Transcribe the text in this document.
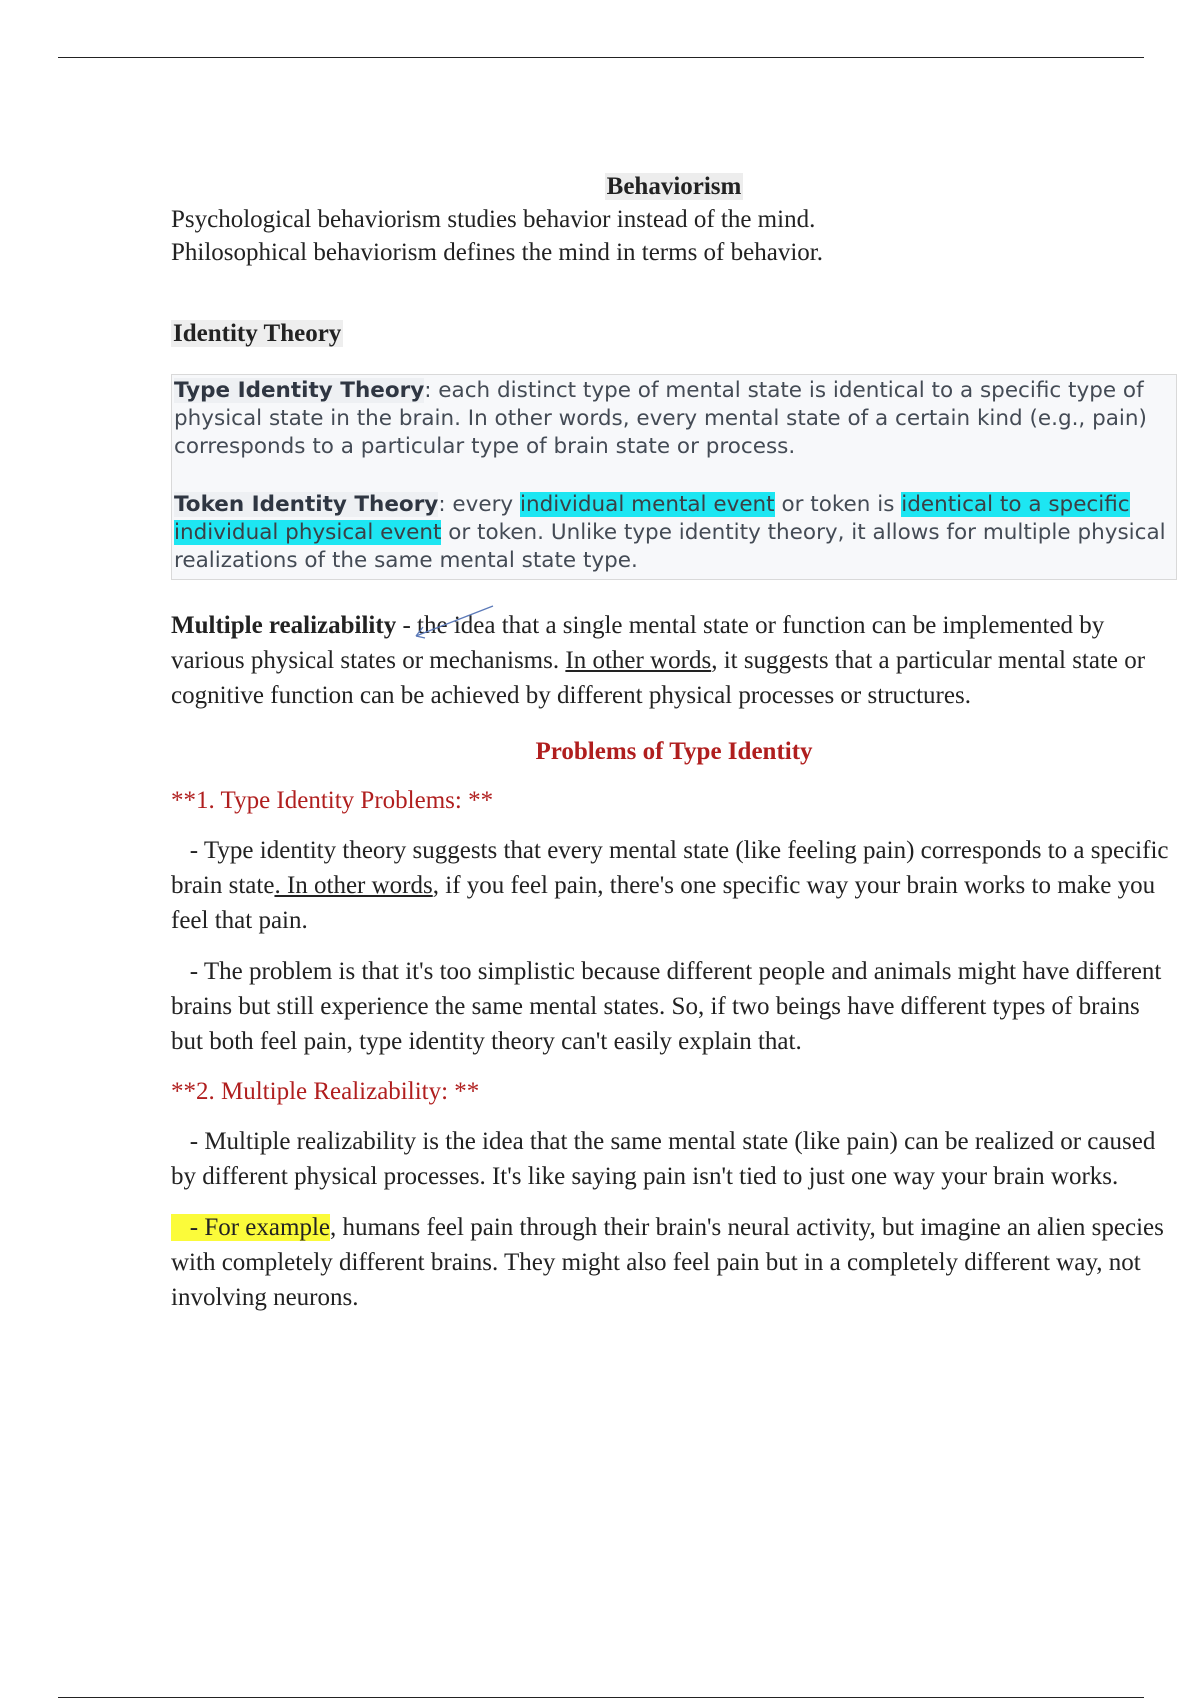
Behaviorism
Psychological behaviorism studies behavior instead of the mind.
Philosophical behaviorism defines the mind in terms of behavior.
Identity Theory

Type Identity Theory: each distinct type of mental state is identical to a specific type of physical state in the brain. In other words, every mental state of a certain kind (e.g., pain) corresponds to a particular type of brain state or process.

Token Identity Theory: every individual mental event or token is identical to a specific individual physical event or token. Unlike type identity theory, it allows for multiple physical realizations of the same mental state type.

Multiple realizability - the idea that a single mental state or function can be implemented by various physical states or mechanisms. In other words, it suggests that a particular mental state or cognitive function can be achieved by different physical processes or structures.
Problems of Type Identity
**1. Type Identity Problems: **
- Type identity theory suggests that every mental state (like feeling pain) corresponds to a specific brain state. In other words, if you feel pain, there's one specific way your brain works to make you feel that pain.
- The problem is that it's too simplistic because different people and animals might have different brains but still experience the same mental states. So, if two beings have different types of brains but both feel pain, type identity theory can't easily explain that.
**2. Multiple Realizability: **
- Multiple realizability is the idea that the same mental state (like pain) can be realized or caused by different physical processes. It's like saying pain isn't tied to just one way your brain works.
- For example, humans feel pain through their brain's neural activity, but imagine an alien species with completely different brains. They might also feel pain but in a completely different way, not involving neurons.
